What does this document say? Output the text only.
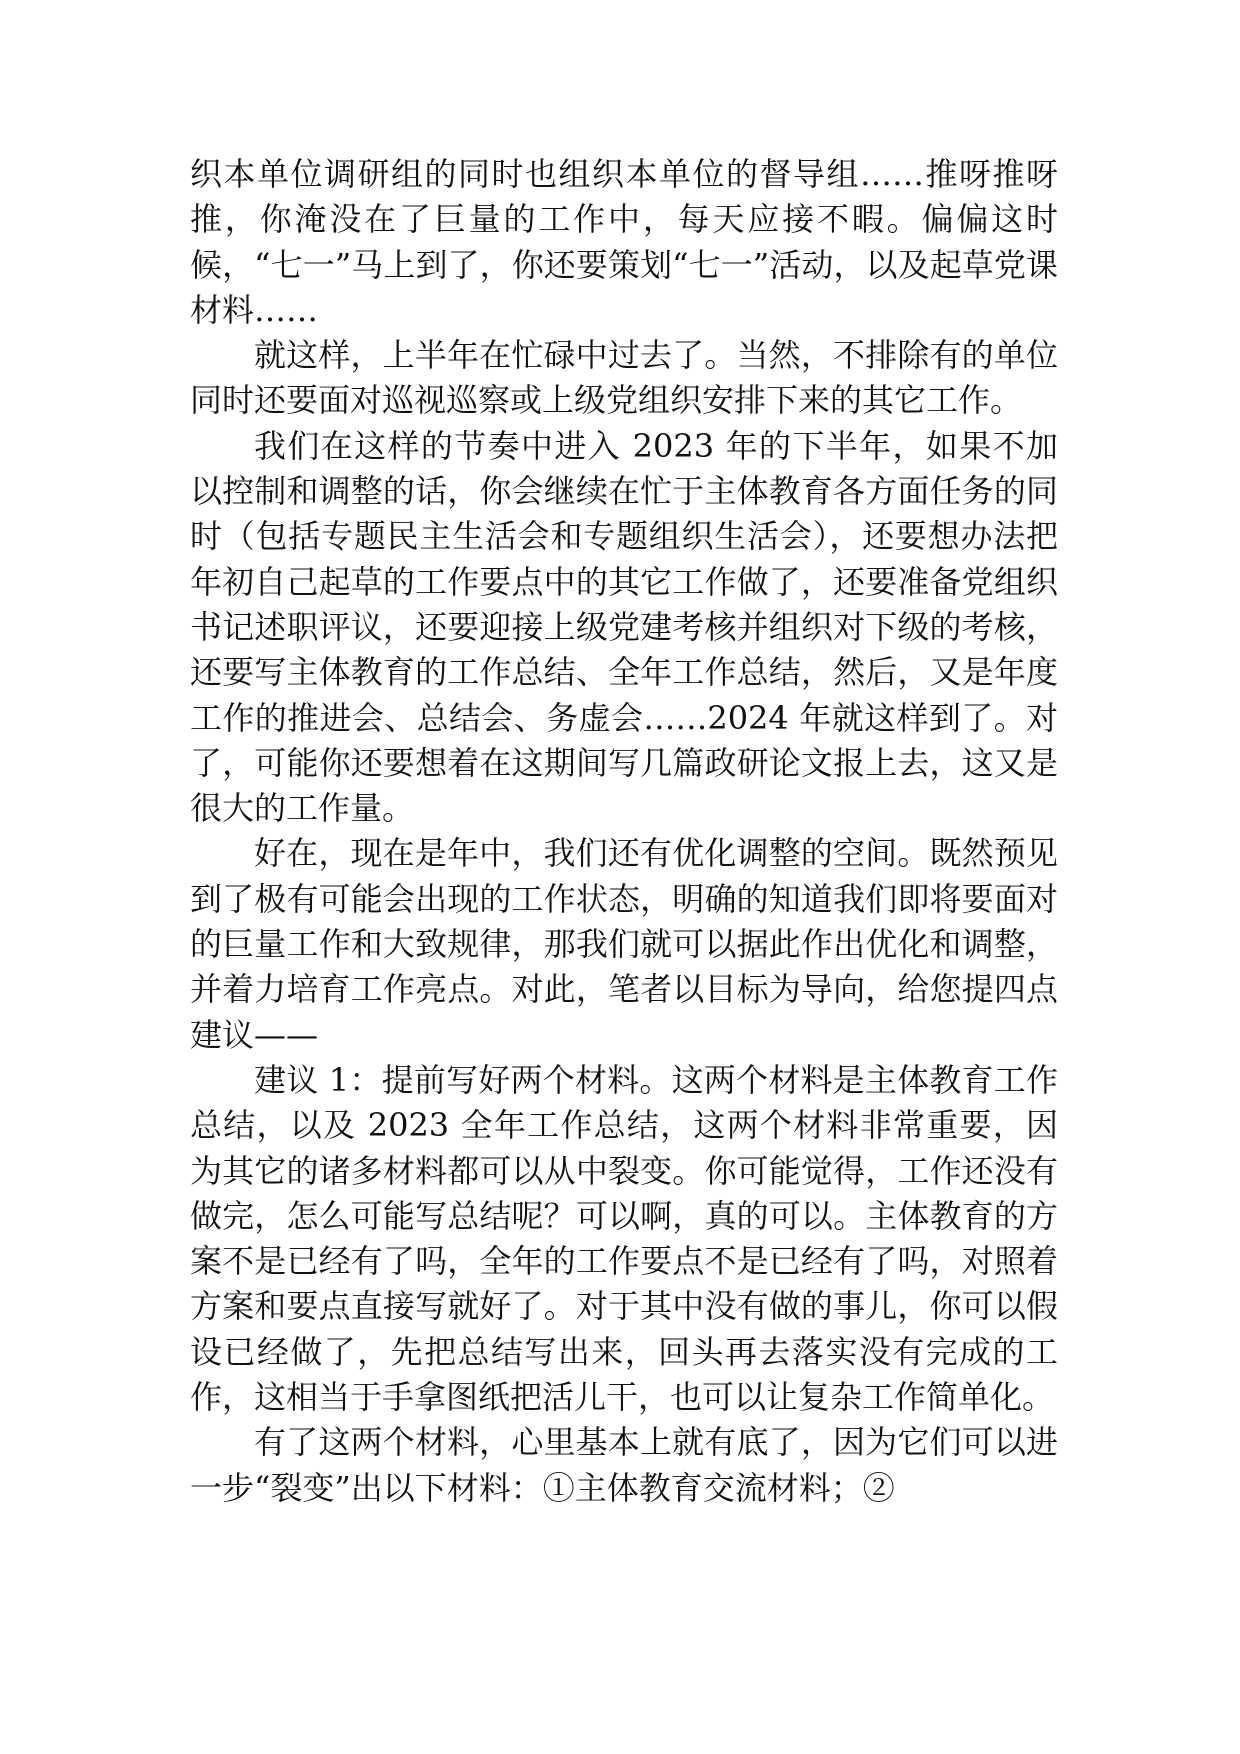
织本单位调研组的同时也组织本单位的督导组……推呀推呀推，你淹没在了巨量的工作中，每天应接不暇。偏偏这时候，“七一”马上到了，你还要策划“七一”活动，以及起草党课材料……

就这样，上半年在忙碌中过去了。当然，不排除有的单位同时还要面对巡视巡察或上级党组织安排下来的其它工作。

我们在这样的节奏中进入 2023 年的下半年，如果不加以控制和调整的话，你会继续在忙于主体教育各方面任务的同时（包括专题民主生活会和专题组织生活会），还要想办法把年初自己起草的工作要点中的其它工作做了，还要准备党组织书记述职评议，还要迎接上级党建考核并组织对下级的考核，还要写主体教育的工作总结、全年工作总结，然后，又是年度工作的推进会、总结会、务虚会……2024 年就这样到了。对了，可能你还要想着在这期间写几篇政研论文报上去，这又是很大的工作量。

好在，现在是年中，我们还有优化调整的空间。既然预见到了极有可能会出现的工作状态，明确的知道我们即将要面对的巨量工作和大致规律，那我们就可以据此作出优化和调整，并着力培育工作亮点。对此，笔者以目标为导向，给您提四点建议——

建议 1：提前写好两个材料。这两个材料是主体教育工作总结，以及 2023 全年工作总结，这两个材料非常重要，因为其它的诸多材料都可以从中裂变。你可能觉得，工作还没有做完，怎么可能写总结呢？可以啊，真的可以。主体教育的方案不是已经有了吗，全年的工作要点不是已经有了吗，对照着方案和要点直接写就好了。对于其中没有做的事儿，你可以假设已经做了，先把总结写出来，回头再去落实没有完成的工作，这相当于手拿图纸把活儿干，也可以让复杂工作简单化。

有了这两个材料，心里基本上就有底了，因为它们可以进一步“裂变”出以下材料：①主体教育交流材料；②
